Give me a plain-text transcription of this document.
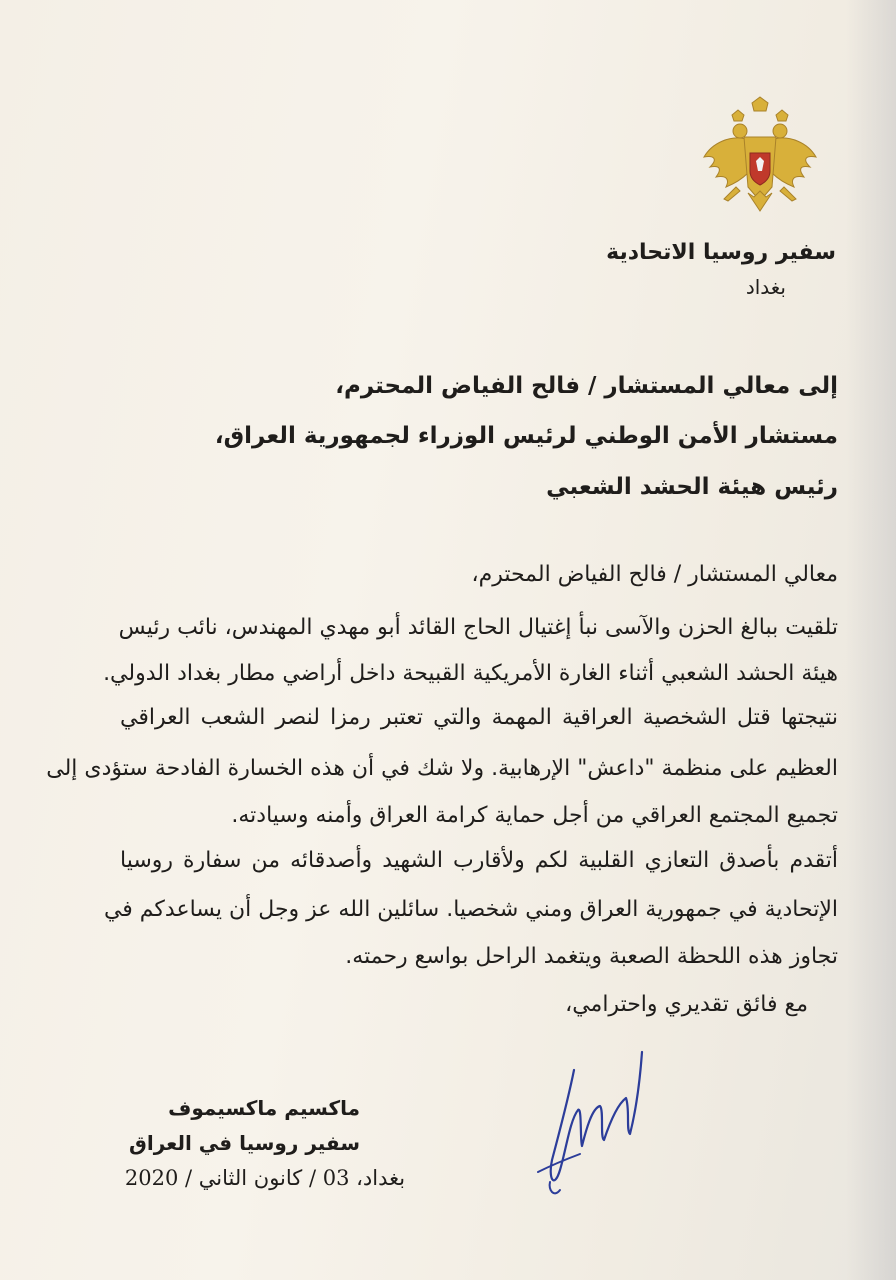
سفير روسيا الاتحادية
بغداد
إلى معالي المستشار / فالح الفياض المحترم،
مستشار الأمن الوطني لرئيس الوزراء لجمهورية العراق،
رئيس هيئة الحشد الشعبي
معالي المستشار / فالح الفياض المحترم،
تلقيت ببالغ الحزن والآسى نبأ إغتيال الحاج القائد أبو مهدي المهندس، نائب رئيس
هيئة الحشد الشعبي أثناء الغارة الأمريكية القبيحة داخل أراضي مطار بغداد الدولي.
نتيجتها قتل الشخصية العراقية المهمة والتي تعتبر رمزا لنصر الشعب العراقي
العظيم على منظمة "داعش" الإرهابية. ولا شك في أن هذه الخسارة الفادحة ستؤدى إلى
تجميع المجتمع العراقي من أجل حماية كرامة العراق وأمنه وسيادته.
أتقدم بأصدق التعازي القلبية لكم ولأقارب الشهيد وأصدقائه من سفارة روسيا
الإتحادية في جمهورية العراق ومني شخصيا. سائلين الله عز وجل أن يساعدكم في
تجاوز هذه اللحظة الصعبة ويتغمد الراحل بواسع رحمته.
مع فائق تقديري واحترامي،
ماكسيم ماكسيموف
سفير روسيا في العراق
بغداد، 03 / كانون الثاني / 2020
